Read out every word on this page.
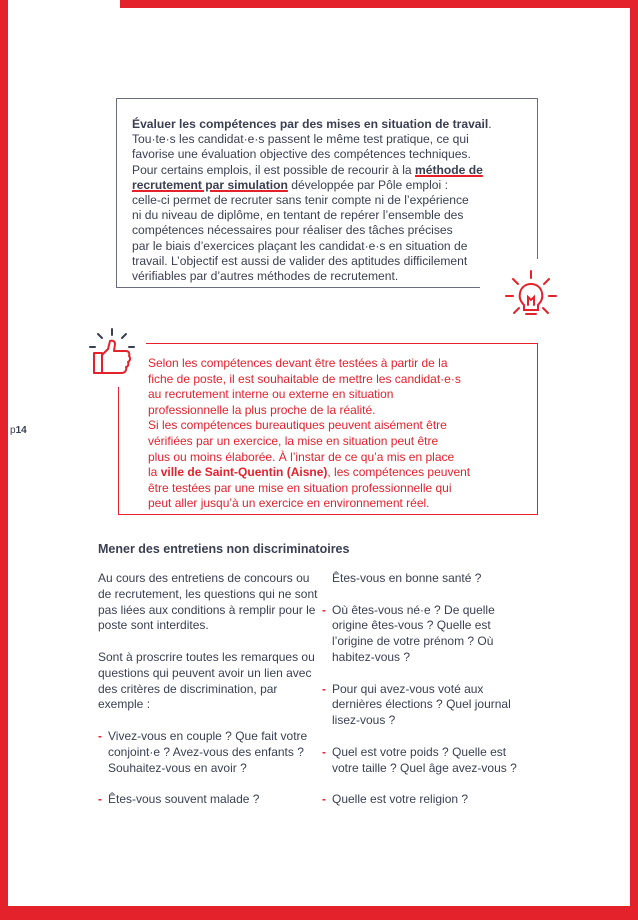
p14
Évaluer les compétences par des mises en situation de travail.
Tou·te·s les candidat·e·s passent le même test pratique, ce qui
favorise une évaluation objective des compétences techniques.
Pour certains emplois, il est possible de recourir à la méthode de
recrutement par simulation développée par Pôle emploi :
celle-ci permet de recruter sans tenir compte ni de l’expérience
ni du niveau de diplôme, en tentant de repérer l’ensemble des
compétences nécessaires pour réaliser des tâches précises
par le biais d’exercices plaçant les candidat·e·s en situation de
travail. L’objectif est aussi de valider des aptitudes difficilement
vérifiables par d’autres méthodes de recrutement.
Selon les compétences devant être testées à partir de la
fiche de poste, il est souhaitable de mettre les candidat·e·s
au recrutement interne ou externe en situation
professionnelle la plus proche de la réalité.
Si les compétences bureautiques peuvent aisément être
vérifiées par un exercice, la mise en situation peut être
plus ou moins élaborée. À l’instar de ce qu’a mis en place
la ville de Saint-Quentin (Aisne), les compétences peuvent
être testées par une mise en situation professionnelle qui
peut aller jusqu’à un exercice en environnement réel.
Mener des entretiens non discriminatoires

Au cours des entretiens de concours ou de recrutement, les questions qui ne sont pas liées aux conditions à remplir pour le poste sont interdites.

Sont à proscrire toutes les remarques ou questions qui peuvent avoir un lien avec des critères de discrimination, par exemple :

- Vivez-vous en couple ? Que fait votre conjoint·e ? Avez-vous des enfants ? Souhaitez-vous en avoir ?
- Êtes-vous souvent malade ?
Êtes-vous en bonne santé ?
- Où êtes-vous né·e ? De quelle origine êtes-vous ? Quelle est l’origine de votre prénom ? Où habitez-vous ?
- Pour qui avez-vous voté aux dernières élections ? Quel journal lisez-vous ?
- Quel est votre poids ? Quelle est votre taille ? Quel âge avez-vous ?
- Quelle est votre religion ?
